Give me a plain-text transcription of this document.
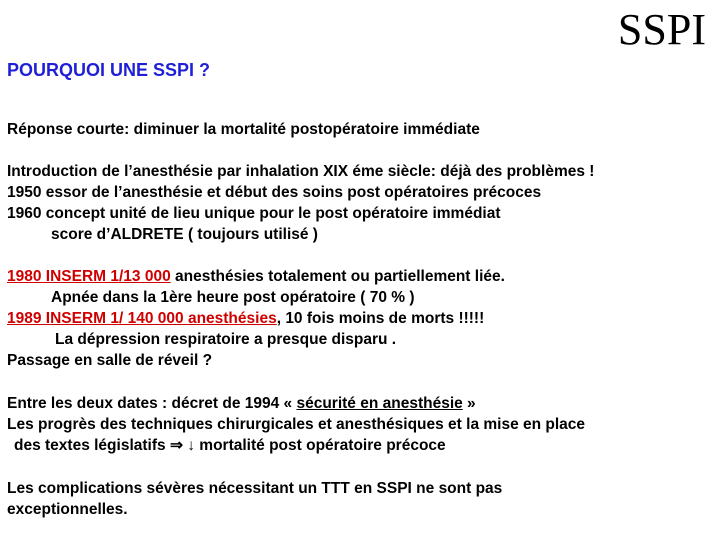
SSPI
POURQUOI UNE SSPI ?
Réponse courte: diminuer la mortalité postopératoire immédiate
Introduction de l’anesthésie par inhalation XIX éme siècle: déjà des problèmes !
1950 essor de l’anesthésie et début des soins post opératoires précoces
1960 concept unité de lieu unique pour le post opératoire immédiat
score d’ALDRETE ( toujours utilisé )
1980 INSERM 1/13 000 anesthésies totalement ou partiellement liée.
Apnée dans la 1ère heure post opératoire ( 70 % )
1989 INSERM 1/ 140 000 anesthésies, 10 fois moins de morts !!!!!
La dépression respiratoire a presque disparu .
Passage en salle de réveil ?
Entre les deux dates : décret de 1994 « sécurité en anesthésie »
Les progrès des techniques chirurgicales et anesthésiques et la mise en place
des textes législatifs ⇒ ↓ mortalité post opératoire précoce
Les complications sévères nécessitant un TTT en SSPI ne sont pas
exceptionnelles.
